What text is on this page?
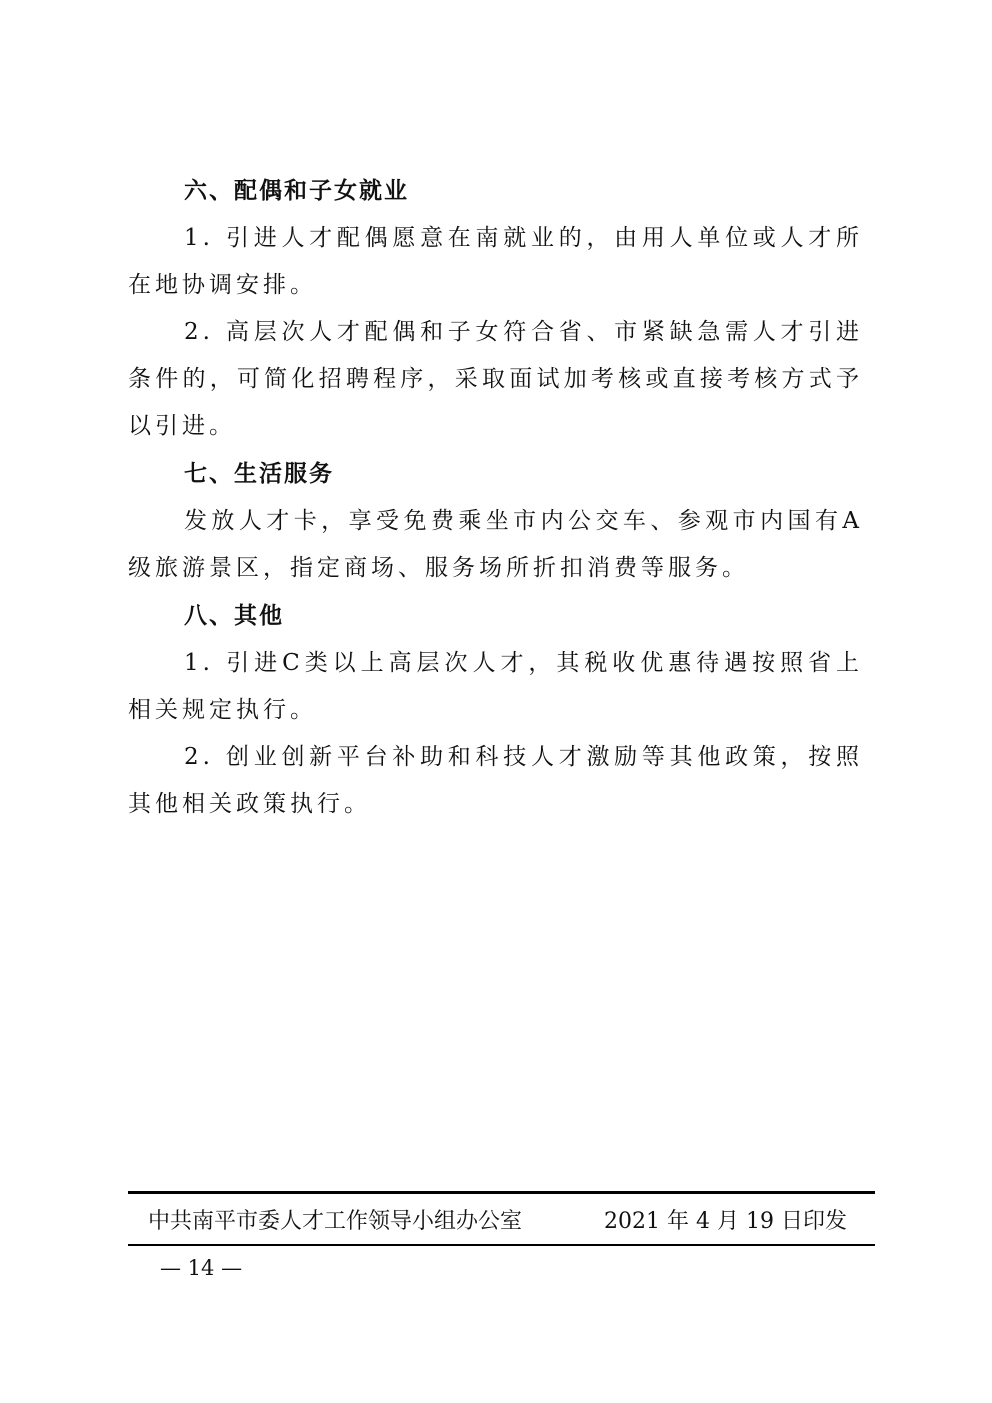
六、配偶和子女就业
1. 引进人才配偶愿意在南就业的，由用人单位或人才所在地协调安排。
2. 高层次人才配偶和子女符合省、市紧缺急需人才引进条件的，可简化招聘程序，采取面试加考核或直接考核方式予以引进。
七、生活服务
发放人才卡，享受免费乘坐市内公交车、参观市内国有A级旅游景区，指定商场、服务场所折扣消费等服务。
八、其他
1. 引进C类以上高层次人才，其税收优惠待遇按照省上相关规定执行。
2. 创业创新平台补助和科技人才激励等其他政策，按照其他相关政策执行。
中共南平市委人才工作领导小组办公室	2021 年 4 月 19 日印发
— 14 —
